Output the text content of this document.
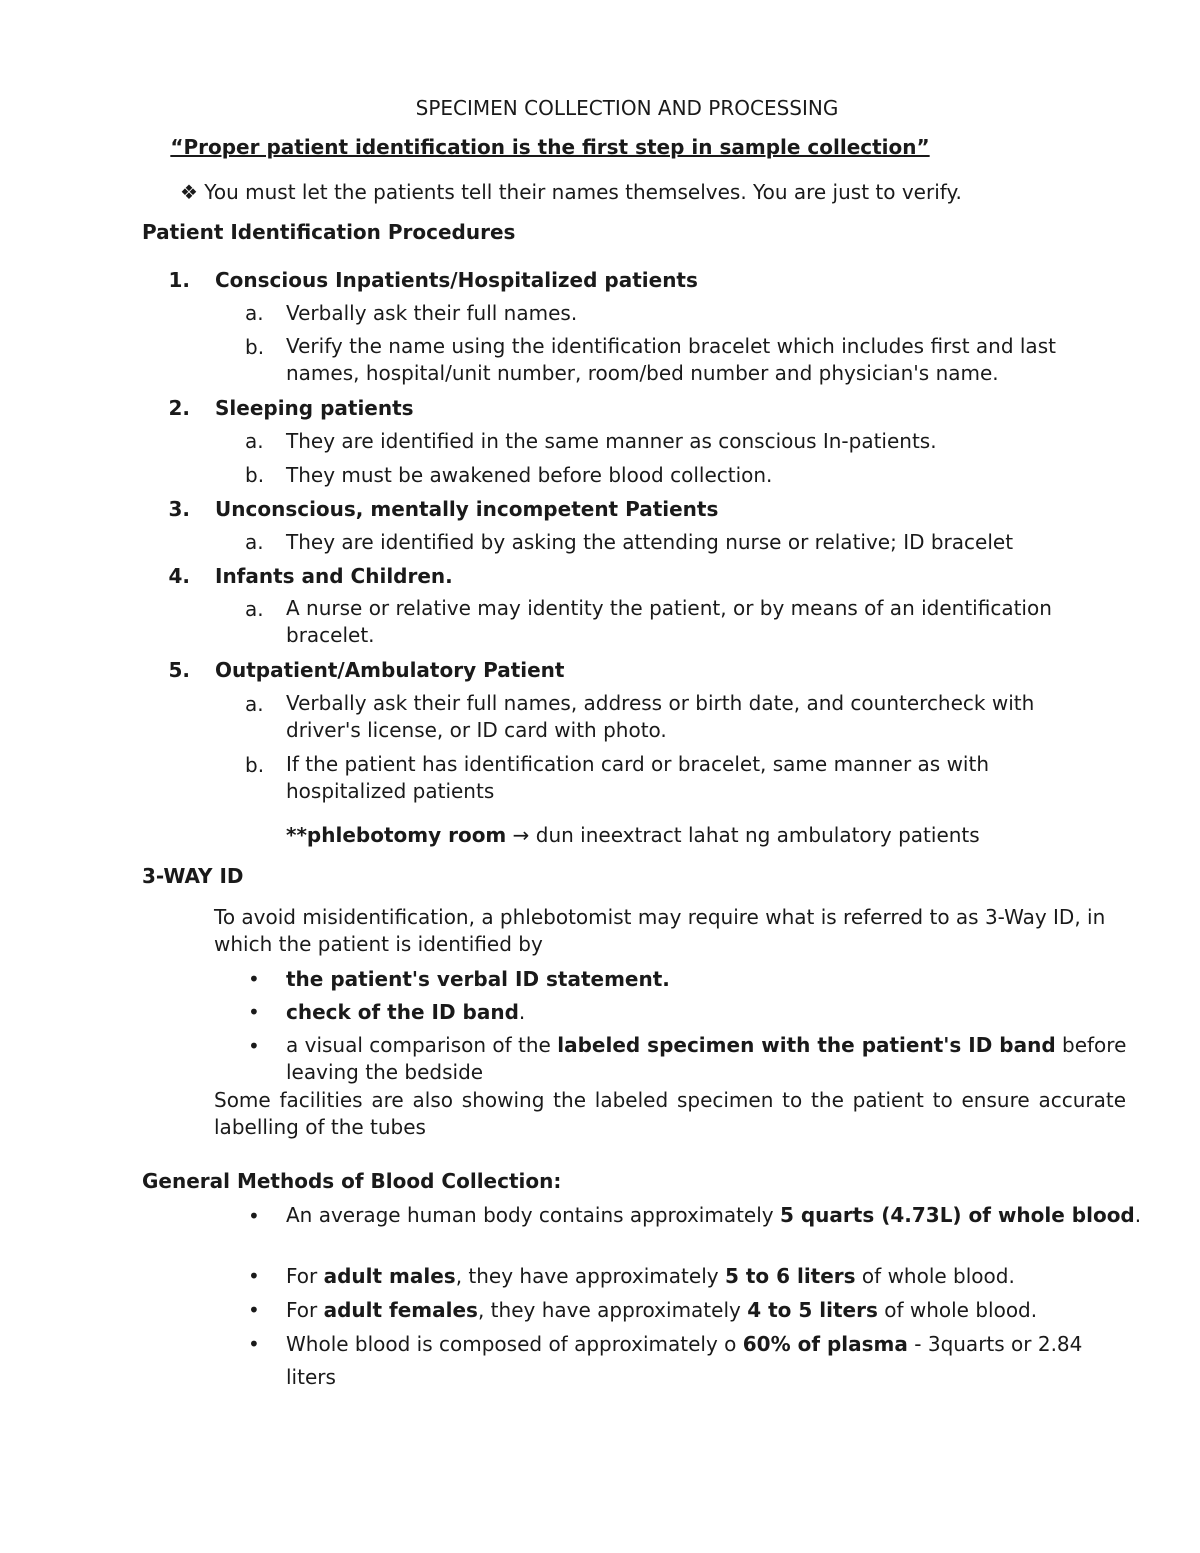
SPECIMEN COLLECTION AND PROCESSING
“Proper patient identification is the first step in sample collection”
❖ You must let the patients tell their names themselves. You are just to verify.
Patient Identification Procedures
1. Conscious Inpatients/Hospitalized patients
a. Verbally ask their full names.
b. Verify the name using the identification bracelet which includes first and last names, hospital/unit number, room/bed number and physician's name.
2. Sleeping patients
a. They are identified in the same manner as conscious In-patients.
b. They must be awakened before blood collection.
3. Unconscious, mentally incompetent Patients
a. They are identified by asking the attending nurse or relative; ID bracelet
4. Infants and Children.
a. A nurse or relative may identity the patient, or by means of an identification bracelet.
5. Outpatient/Ambulatory Patient
a. Verbally ask their full names, address or birth date, and countercheck with driver's license, or ID card with photo.
b. If the patient has identification card or bracelet, same manner as with hospitalized patients
**phlebotomy room → dun ineextract lahat ng ambulatory patients
3-WAY ID
To avoid misidentification, a phlebotomist may require what is referred to as 3-Way ID, in which the patient is identified by
•	the patient's verbal ID statement.
•	check of the ID band.
•	a visual comparison of the labeled specimen with the patient's ID band before leaving the bedside
Some facilities are also showing the labeled specimen to the patient to ensure accurate labelling of the tubes
General Methods of Blood Collection:
•	An average human body contains approximately 5 quarts (4.73L) of whole blood.
•	For adult males, they have approximately 5 to 6 liters of whole blood.
•	For adult females, they have approximately 4 to 5 liters of whole blood.
•	Whole blood is composed of approximately o 60% of plasma - 3quarts or 2.84 liters
